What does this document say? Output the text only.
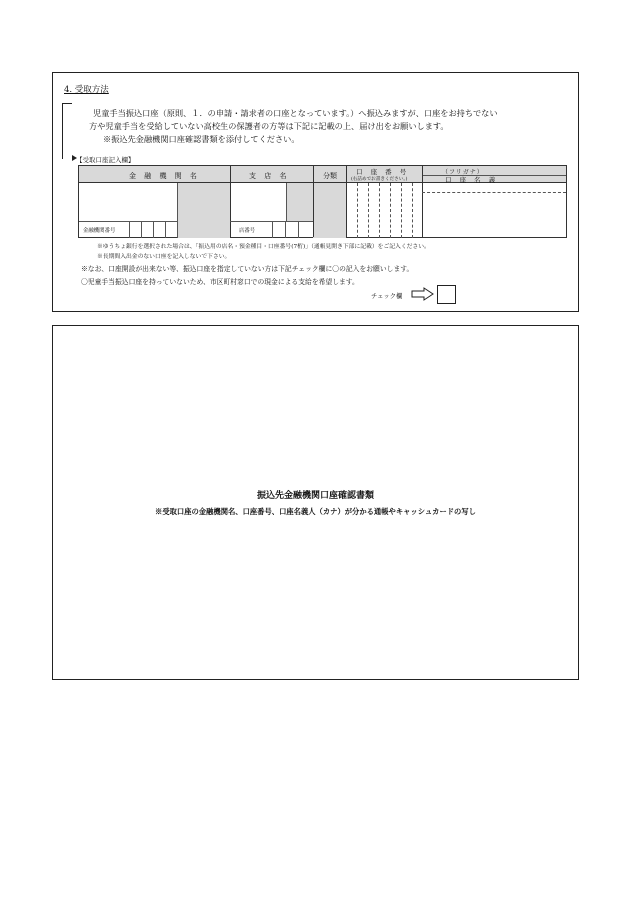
4. 受取方法
児童手当振込口座（原則、１．の申請・請求者の口座となっています。）へ振込みますが、口座をお持ちでない
方や児童手当を受給していない高校生の保護者の方等は下記に記載の上、届け出をお願いします。
※振込先金融機関口座確認書類を添付してください。
【受取口座記入欄】
金 融 機 関 名	支 店 名	分類	口 座 番 号
(右詰めでお書きください。)
（フリガナ）
口 座 名 義
金融機関番号	店番号
※ゆうちょ銀行を選択された場合は、「振込用の店名・預金種目・口座番号(7桁)」（通帳見開き下部に記載）をご記入ください。
※長期間入出金のない口座を記入しないで下さい。
※なお、口座開設が出来ない等、振込口座を指定していない方は下記チェック欄に〇の記入をお願いします。
〇児童手当振込口座を持っていないため、市区町村窓口での現金による支給を希望します。
チェック欄
振込先金融機関口座確認書類
※受取口座の金融機関名、口座番号、口座名義人（カナ）が分かる通帳やキャッシュカードの写し
